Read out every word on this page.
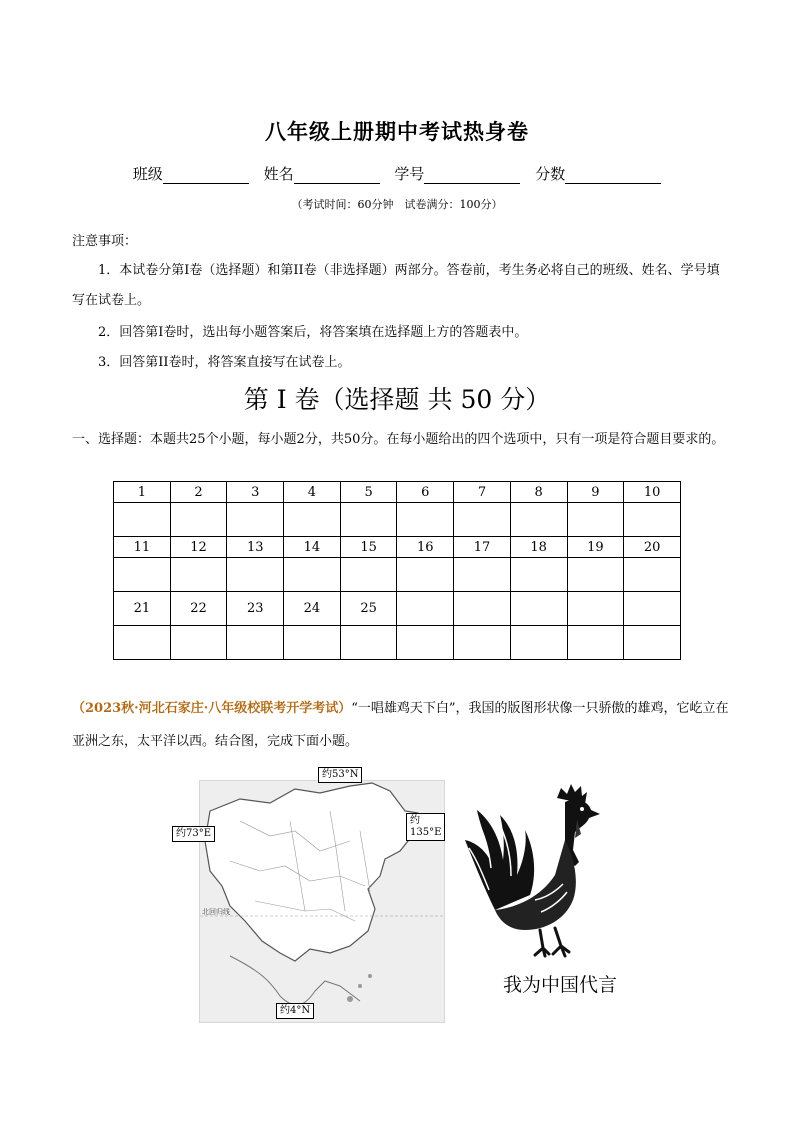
八年级上册期中考试热身卷
班级	姓名	学号	分数
（考试时间：60分钟　试卷满分：100分）
注意事项：
1．本试卷分第I卷（选择题）和第II卷（非选择题）两部分。答卷前，考生务必将自己的班级、姓名、学号填写在试卷上。
2．回答第I卷时，选出每小题答案后，将答案填在选择题上方的答题表中。
3．回答第II卷时，将答案直接写在试卷上。
第 I 卷（选择题 共 50 分）
一、选择题：本题共25个小题，每小题2分，共50分。在每小题给出的四个选项中，只有一项是符合题目要求的。
1	2	3	4	5	6	7	8	9	10

11	12	13	14	15	16	17	18	19	20

21	22	23	24	25					

（2023秋·河北石家庄·八年级校联考开学考试）“一唱雄鸡天下白”，我国的版图形状像一只骄傲的雄鸡，它屹立在亚洲之东，太平洋以西。结合图，完成下面小题。
约53°N
约73°E
约135°E
约4°N
北回归线
我为中国代言
